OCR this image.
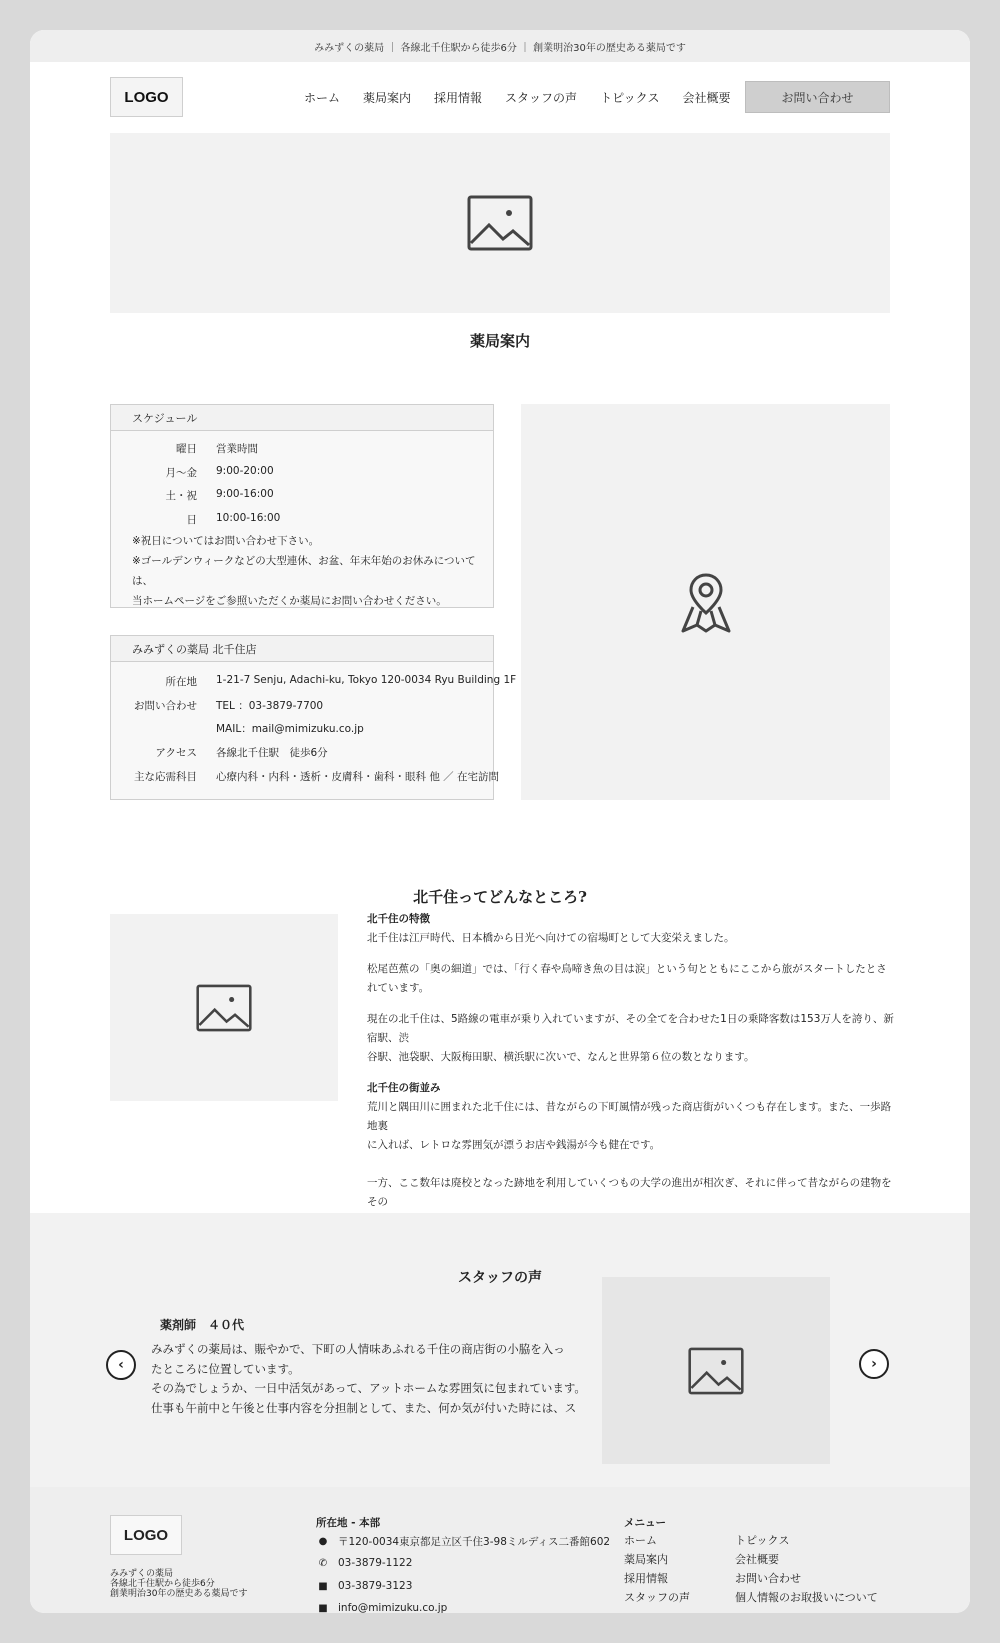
みみずくの薬局 ｜ 各線北千住駅から徒歩6分 ｜ 創業明治30年の歴史ある薬局です
LOGO	ホーム 薬局案内 採用情報 スタッフの声 トピックス 会社概要	お問い合わせ
薬局案内
スケジュール
曜日 営業時間
月〜金 9:00-20:00
土・祝 9:00-16:00
日 10:00-16:00
※祝日についてはお問い合わせ下さい。
※ゴールデンウィークなどの大型連休、お盆、年末年始のお休みについては、
当ホームページをご参照いただくか薬局にお問い合わせください。
みみずくの薬局 北千住店
所在地 1-21-7 Senju, Adachi-ku, Tokyo 120-0034 Ryu Building 1F
お問い合わせ TEL ：03-3879-7700
MAIL：mail@mimizuku.co.jp
アクセス 各線北千住駅　徒歩6分
主な応需科目 心療内科・内科・透析・皮膚科・歯科・眼科 他 ／ 在宅訪問
北千住ってどんなところ?
北千住の特徴
北千住は江戸時代、日本橋から日光へ向けての宿場町として大変栄えました。
松尾芭蕉の「奥の細道」では、「行く春や鳥啼き魚の目は涙」という句とともにここから旅がスタートしたとされています。
現在の北千住は、5路線の電車が乗り入れていますが、その全てを合わせた1日の乗降客数は153万人を誇り、新宿駅、渋
谷駅、池袋駅、大阪梅田駅、横浜駅に次いで、なんと世界第６位の数となります。
北千住の街並み
荒川と隅田川に囲まれた北千住には、昔ながらの下町風情が残った商店街がいくつも存在します。また、一歩路地裏
に入れば、レトロな雰囲気が漂うお店や銭湯が今も健在です。
一方、ここ数年は廃校となった跡地を利用していくつもの大学の進出が相次ぎ、それに伴って昔ながらの建物をその
スタッフの声
‹
薬剤師　４０代
みみずくの薬局は、賑やかで、下町の人情味あふれる千住の商店街の小脇を入っ
たところに位置しています。
その為でしょうか、一日中活気があって、アットホームな雰囲気に包まれています。
仕事も午前中と午後と仕事内容を分担制として、また、何か気が付いた時には、ス
›
LOGO
みみずくの薬局
各線北千住駅から徒歩6分
創業明治30年の歴史ある薬局です
所在地 - 本部
● 〒120-0034東京都足立区千住3-98ミルディス二番館602
✆ 03-3879-1122
■ 03-3879-3123
■ info@mimizuku.co.jp
メニュー
ホーム
薬局案内
採用情報
スタッフの声
トピックス
会社概要
お問い合わせ
個人情報のお取扱いについて
